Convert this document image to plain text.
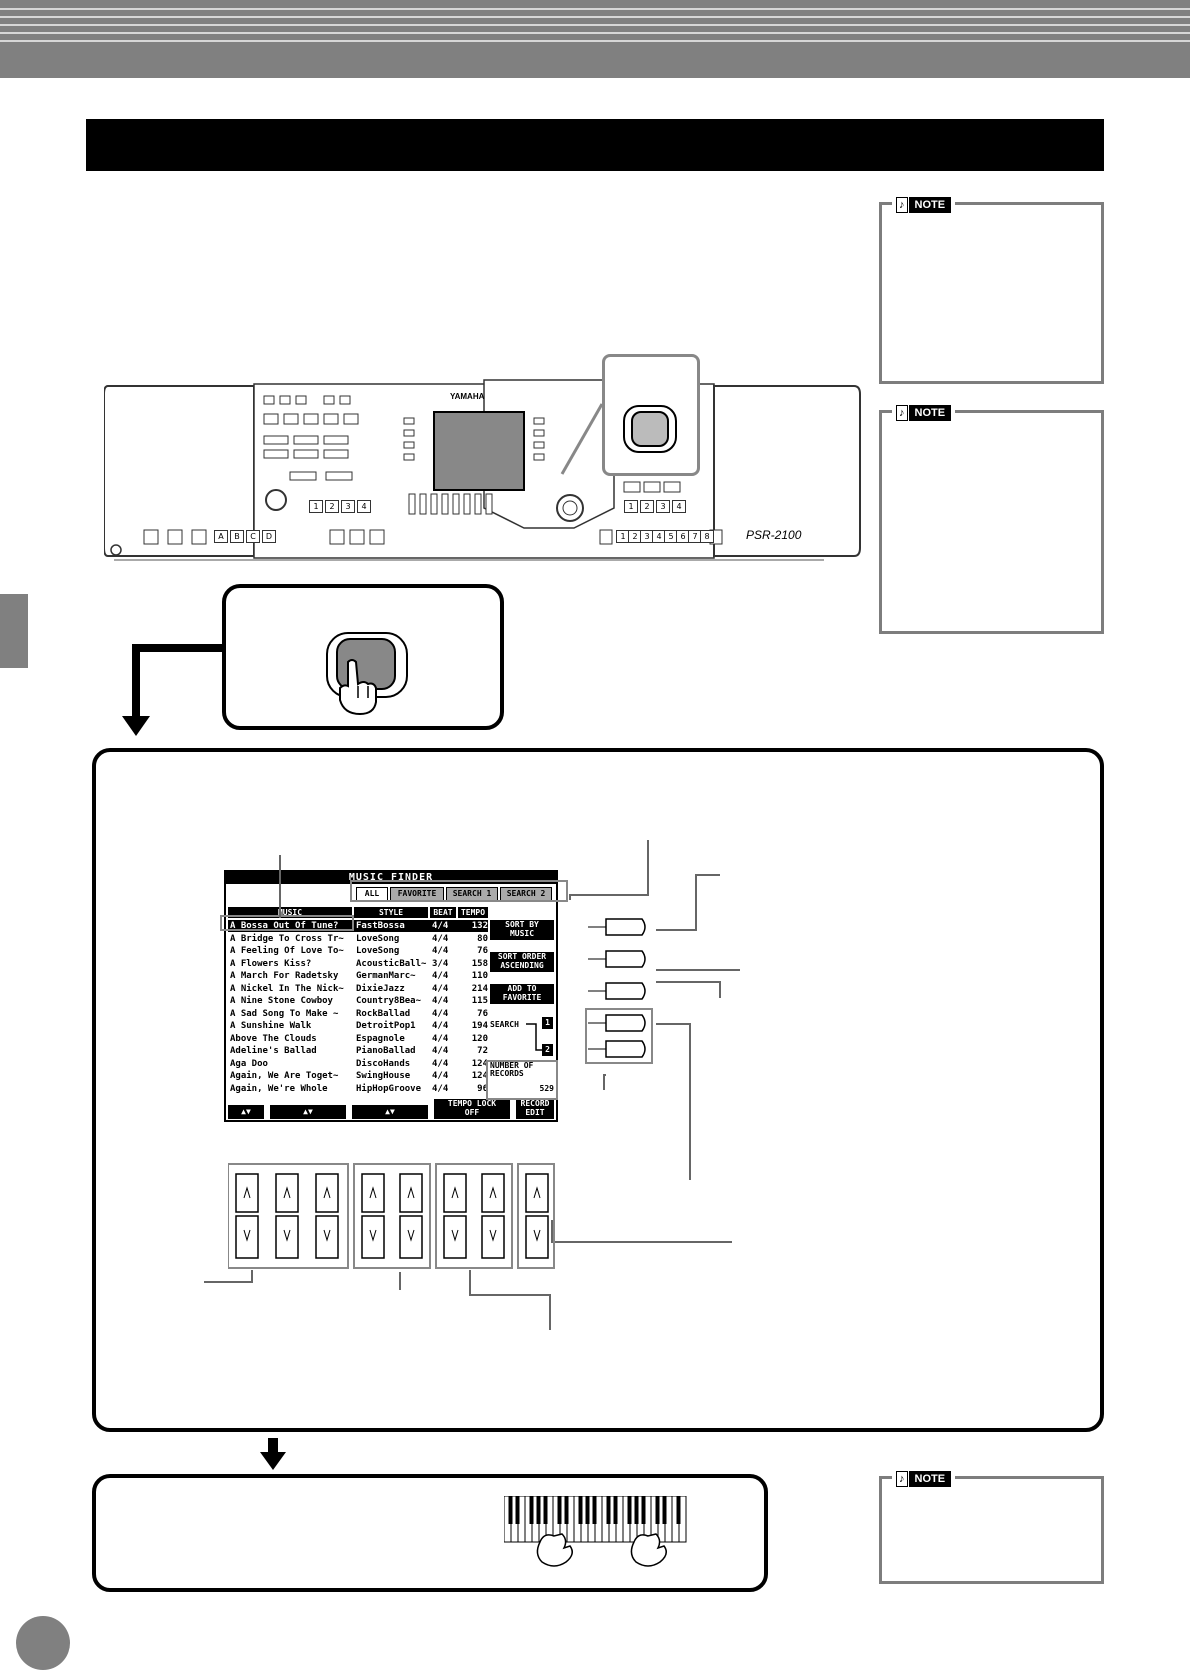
♪ NOTE
♪ NOTE
♪ NOTE
YAMAHA
PSR-2100
1	2	3	4
A	B	C	D
1	2	3	4
1 2 3 4 5 6 7 8
MUSIC FINDER
ALL	FAVORITE	SEARCH 1	SEARCH 2
MUSIC	STYLE	BEAT	TEMPO
A Bossa Out Of Tune?	FastBossa	4/4	132
A Bridge To Cross Tr~	LoveSong	4/4	80
A Feeling Of Love To~	LoveSong	4/4	76
A Flowers Kiss?	AcousticBall~ 3/4	158
A March For Radetsky	GermanMarc~	4/4	110
A Nickel In The Nick~	DixieJazz	4/4	214
A Nine Stone Cowboy	Country8Bea~	4/4	115
A Sad Song To Make ~	RockBallad	4/4	76
A Sunshine Walk	DetroitPop1	4/4	194
Above The Clouds	Espagnole	4/4	120
Adeline's Ballad	PianoBallad	4/4	72
Aga Doo	DiscoHands	4/4	124
Again, We Are Toget~	SwingHouse	4/4	124
Again, We're Whole	HipHopGroove	4/4	96
SORT BY
MUSIC
SORT ORDER
ASCENDING
ADD TO
FAVORITE
SEARCH	1
2
NUMBER OF
RECORDS
529
▲▼	▲▼	▲▼
TEMPO LOCK
OFF
RECORD
EDIT
